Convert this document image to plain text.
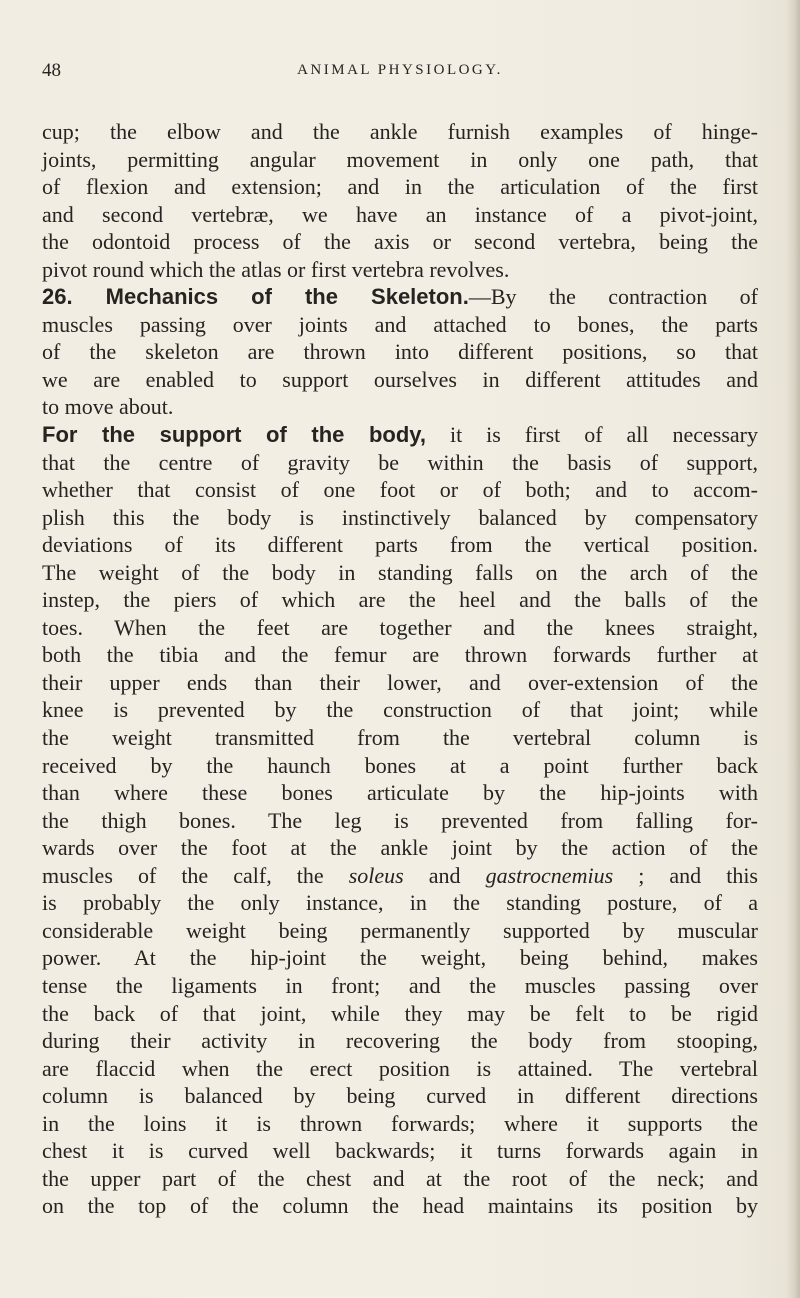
48	ANIMAL PHYSIOLOGY.
cup; the elbow and the ankle furnish examples of hinge-
joints, permitting angular movement in only one path, that
of flexion and extension; and in the articulation of the first
and second vertebræ, we have an instance of a pivot-joint,
the odontoid process of the axis or second vertebra, being the
pivot round which the atlas or first vertebra revolves.
26. Mechanics of the Skeleton.—By the contraction of
muscles passing over joints and attached to bones, the parts
of the skeleton are thrown into different positions, so that
we are enabled to support ourselves in different attitudes and
to move about.
For the support of the body, it is first of all necessary
that the centre of gravity be within the basis of support,
whether that consist of one foot or of both; and to accom-
plish this the body is instinctively balanced by compensatory
deviations of its different parts from the vertical position.
The weight of the body in standing falls on the arch of the
instep, the piers of which are the heel and the balls of the
toes. When the feet are together and the knees straight,
both the tibia and the femur are thrown forwards further at
their upper ends than their lower, and over-extension of the
knee is prevented by the construction of that joint; while
the weight transmitted from the vertebral column is
received by the haunch bones at a point further back
than where these bones articulate by the hip-joints with
the thigh bones. The leg is prevented from falling for-
wards over the foot at the ankle joint by the action of the
muscles of the calf, the soleus and gastrocnemius ; and this
is probably the only instance, in the standing posture, of a
considerable weight being permanently supported by muscular
power. At the hip-joint the weight, being behind, makes
tense the ligaments in front; and the muscles passing over
the back of that joint, while they may be felt to be rigid
during their activity in recovering the body from stooping,
are flaccid when the erect position is attained. The vertebral
column is balanced by being curved in different directions
in the loins it is thrown forwards; where it supports the
chest it is curved well backwards; it turns forwards again in
the upper part of the chest and at the root of the neck; and
on the top of the column the head maintains its position by
